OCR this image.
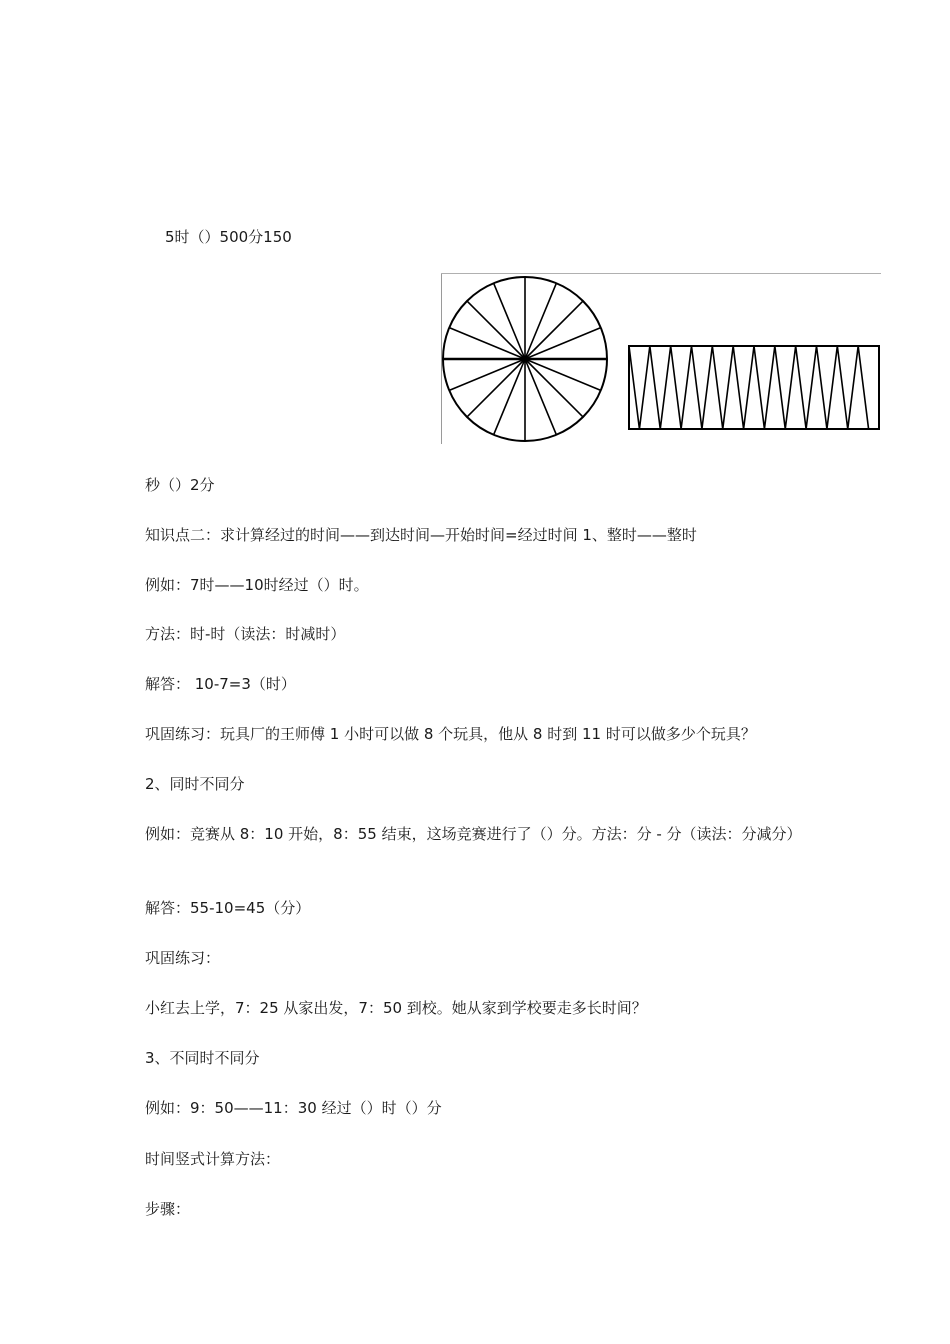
5时（）500分150

秒（）2分

知识点二：求计算经过的时间——到达时间—开始时间=经过时间 1、整时——整时

例如：7时——10时经过（）时。

方法：时-时（读法：时减时）

解答： 10-7=3（时）

巩固练习：玩具厂的王师傅 1 小时可以做 8 个玩具，他从 8 时到 11 时可以做多少个玩具？

2、同时不同分

例如：竞赛从 8：10 开始，8：55 结束，这场竞赛进行了（）分。方法：分 - 分（读法：分减分）

解答：55-10=45（分）

巩固练习：

小红去上学，7：25 从家出发，7：50 到校。她从家到学校要走多长时间？

3、不同时不同分

例如：9：50——11：30 经过（）时（）分

时间竖式计算方法：

步骤：
